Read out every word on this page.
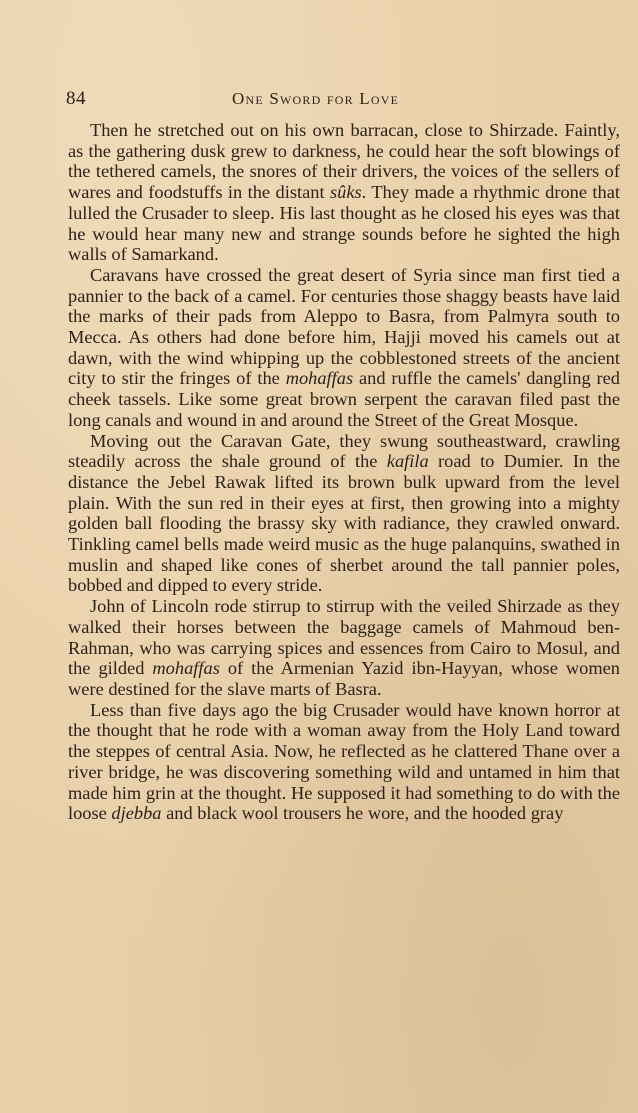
84	One Sword for Love

Then he stretched out on his own barracan, close to Shirzade. Faintly, as the gathering dusk grew to darkness, he could hear the soft blowings of the tethered camels, the snores of their drivers, the voices of the sellers of wares and foodstuffs in the distant sûks. They made a rhythmic drone that lulled the Crusader to sleep. His last thought as he closed his eyes was that he would hear many new and strange sounds before he sighted the high walls of Samarkand.

Caravans have crossed the great desert of Syria since man first tied a pannier to the back of a camel. For centuries those shaggy beasts have laid the marks of their pads from Aleppo to Basra, from Palmyra south to Mecca. As others had done before him, Hajji moved his camels out at dawn, with the wind whipping up the cobblestoned streets of the ancient city to stir the fringes of the mohaffas and ruffle the camels' dangling red cheek tassels. Like some great brown serpent the caravan filed past the long canals and wound in and around the Street of the Great Mosque.

Moving out the Caravan Gate, they swung southeastward, crawling steadily across the shale ground of the kafila road to Dumier. In the distance the Jebel Rawak lifted its brown bulk upward from the level plain. With the sun red in their eyes at first, then growing into a mighty golden ball flooding the brassy sky with radiance, they crawled onward. Tinkling camel bells made weird music as the huge palanquins, swathed in muslin and shaped like cones of sherbet around the tall pannier poles, bobbed and dipped to every stride.

John of Lincoln rode stirrup to stirrup with the veiled Shirzade as they walked their horses between the baggage camels of Mahmoud ben-Rahman, who was carrying spices and essences from Cairo to Mosul, and the gilded mohaffas of the Armenian Yazid ibn-Hayyan, whose women were destined for the slave marts of Basra.

Less than five days ago the big Crusader would have known horror at the thought that he rode with a woman away from the Holy Land toward the steppes of central Asia. Now, he reflected as he clattered Thane over a river bridge, he was discovering something wild and untamed in him that made him grin at the thought. He supposed it had something to do with the loose djebba and black wool trousers he wore, and the hooded gray
